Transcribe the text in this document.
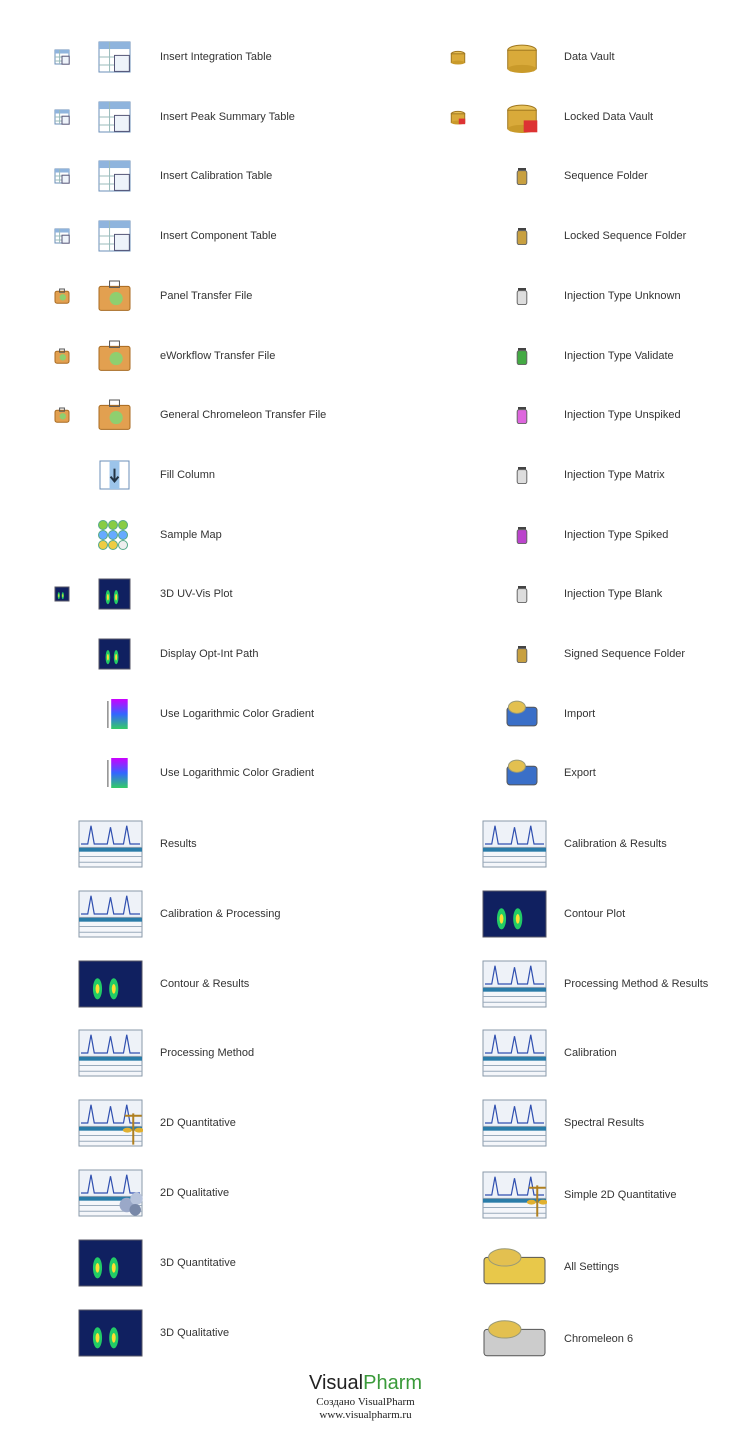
Insert Integration Table
Insert Peak Summary Table
Insert Calibration Table
Insert Component Table
Panel Transfer File
eWorkflow Transfer File
General Chromeleon Transfer File
Fill Column
Sample Map
3D UV-Vis Plot
Display Opt-Int Path
Use Logarithmic Color Gradient
Use Logarithmic Color Gradient
Data Vault
Locked Data Vault
Sequence Folder
Locked Sequence Folder
Injection Type Unknown
Injection Type Validate
Injection Type Unspiked
Injection Type Matrix
Injection Type Spiked
Injection Type Blank
Signed Sequence Folder
Import
Export
Results
Calibration & Processing
Contour & Results
Processing Method
2D Quantitative
2D Qualitative
3D Quantitative
3D Qualitative
Calibration & Results
Contour Plot
Processing Method & Results
Calibration
Spectral Results
Simple 2D Quantitative
All Settings
Chromeleon 6
VisualPharm
Создано VisualPharm
www.visualpharm.ru
